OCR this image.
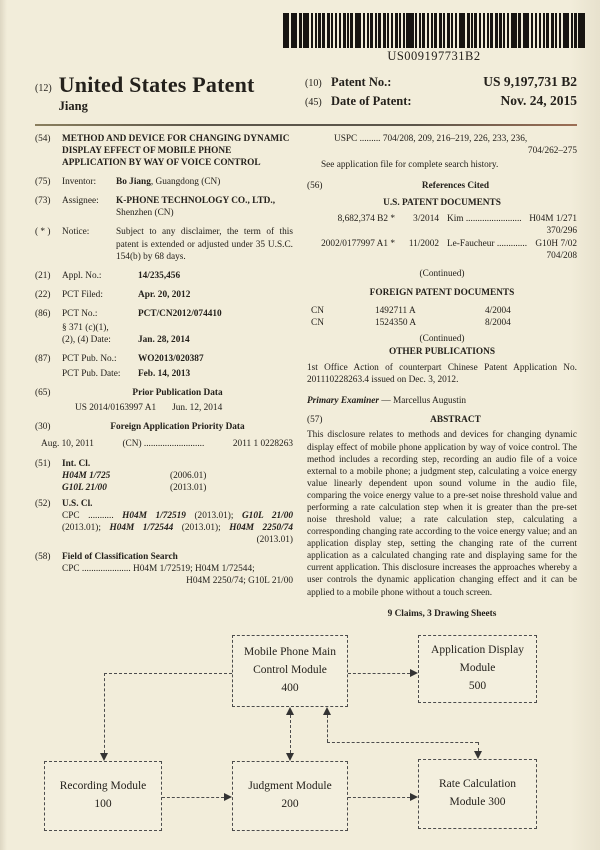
US009197731B2
(12) United States Patent
Jiang
(10) Patent No.:	US 9,197,731 B2
(45) Date of Patent:	Nov. 24, 2015
(54)	METHOD AND DEVICE FOR CHANGING DYNAMIC DISPLAY EFFECT OF MOBILE PHONE APPLICATION BY WAY OF VOICE CONTROL
(75)	Inventor:	Bo Jiang, Guangdong (CN)
(73)	Assignee:	K-PHONE TECHNOLOGY CO., LTD., Shenzhen (CN)
( * )	Notice:	Subject to any disclaimer, the term of this patent is extended or adjusted under 35 U.S.C. 154(b) by 68 days.
(21)	Appl. No.:	14/235,456
(22)	PCT Filed:	Apr. 20, 2012
(86)	PCT No.:	PCT/CN2012/074410
§ 371 (c)(1),
(2), (4) Date:	Jan. 28, 2014
(87)	PCT Pub. No.:	WO2013/020387
PCT Pub. Date:	Feb. 14, 2013
(65)	Prior Publication Data
US 2014/0163997 A1 Jun. 12, 2014
(30)	Foreign Application Priority Data
Aug. 10, 2011	(CN) ..........................	2011 1 0228263
(51)	Int. Cl.
H04M 1/725	(2006.01)
G10L 21/00	(2013.01)
(52)	U.S. Cl.
CPC ........... H04M 1/72519 (2013.01); G10L 21/00 (2013.01); H04M 1/72544 (2013.01); H04M 2250/74 (2013.01)
(58)	Field of Classification Search
CPC ..................... H04M 1/72519; H04M 1/72544;
H04M 2250/74; G10L 21/00
USPC ......... 704/208, 209, 216–219, 226, 233, 236,
704/262–275
See application file for complete search history.
(56)	References Cited
U.S. PATENT DOCUMENTS
8,682,374 B2 *	3/2014 Kim ........................ H04M 1/271
370/296
2002/0177997 A1 *	11/2002 Le-Faucheur ............. G10H 7/02
704/208
(Continued)
FOREIGN PATENT DOCUMENTS
CN	1492711 A	4/2004
CN	1524350 A	8/2004
(Continued)
OTHER PUBLICATIONS
1st Office Action of counterpart Chinese Patent Application No. 201110228263.4 issued on Dec. 3, 2012.
Primary Examiner — Marcellus Augustin
(57)	ABSTRACT
This disclosure relates to methods and devices for changing dynamic display effect of mobile phone application by way of voice control. The method includes a recording step, recording an audio file of a voice external to a mobile phone; a judgment step, calculating a voice energy value linearly dependent upon sound volume in the audio file, comparing the voice energy value to a pre-set noise threshold value and performing a rate calculation step when it is greater than the pre-set noise threshold value; a rate calculation step, calculating a corresponding changing rate according to the voice energy value; and an application display step, setting the changing rate of the current application as a calculated changing rate and displaying same for the current application. This disclosure increases the approaches whereby a user controls the dynamic application changing effect and it can be applied to a mobile phone without a touch screen.
9 Claims, 3 Drawing Sheets
Mobile Phone Main
Control Module
400
Application Display
Module
500
Recording Module
100
Judgment Module
200
Rate Calculation
Module 300
